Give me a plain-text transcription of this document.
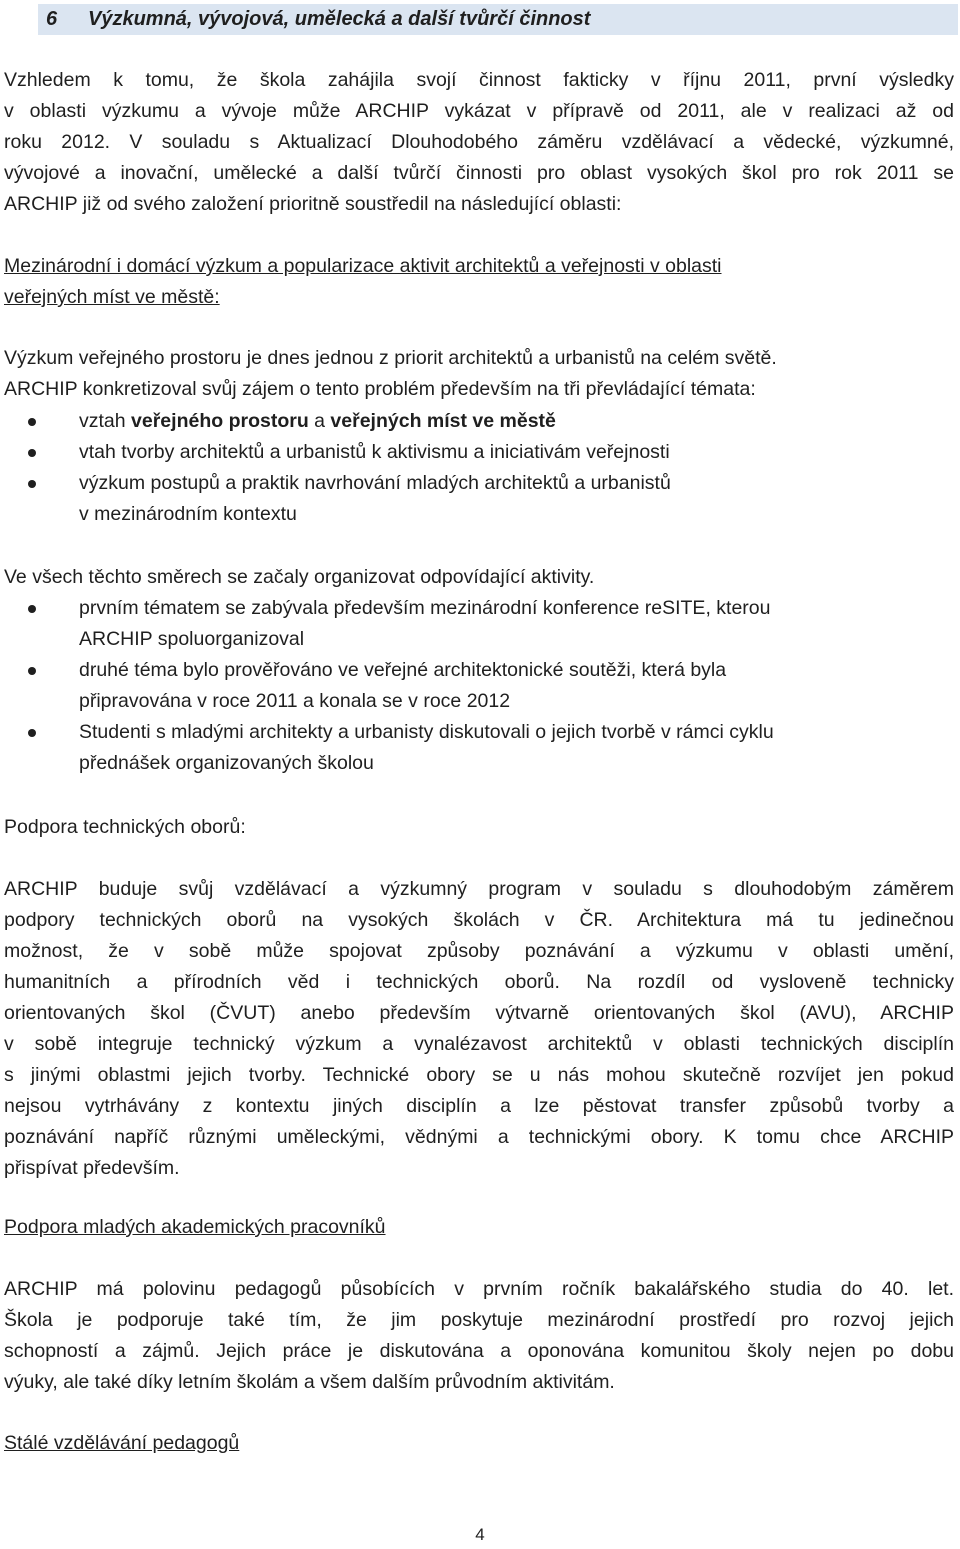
6	Výzkumná, vývojová, umělecká a další tvůrčí činnost
Vzhledem k tomu, že škola zahájila svojí činnost fakticky v říjnu 2011, první výsledky
v oblasti výzkumu a vývoje může ARCHIP vykázat v přípravě od 2011, ale v realizaci až od
roku 2012. V souladu s Aktualizací Dlouhodobého záměru vzdělávací a vědecké, výzkumné,
vývojové a inovační, umělecké a další tvůrčí činnosti pro oblast vysokých škol pro rok 2011 se
ARCHIP již od svého založení prioritně soustředil na následující oblasti:
Mezinárodní i domácí výzkum a popularizace aktivit architektů a veřejnosti v oblasti
veřejných míst ve městě:
Výzkum veřejného prostoru je dnes jednou z priorit architektů a urbanistů na celém světě.
ARCHIP konkretizoval svůj zájem o tento problém především na tři převládající témata:
vztah veřejného prostoru a veřejných míst ve městě
vtah tvorby architektů a urbanistů k aktivismu a iniciativám veřejnosti
výzkum postupů a praktik navrhování mladých architektů a urbanistů
v mezinárodním kontextu
Ve všech těchto směrech se začaly organizovat odpovídající aktivity.
prvním tématem se zabývala především mezinárodní konference reSITE, kterou
ARCHIP spoluorganizoval
druhé téma bylo prověřováno ve veřejné architektonické soutěži, která byla
připravována v roce 2011 a konala se v roce 2012
Studenti s mladými architekty a urbanisty diskutovali o jejich tvorbě v rámci cyklu
přednášek organizovaných školou
Podpora technických oborů:
ARCHIP buduje svůj vzdělávací a výzkumný program v souladu s dlouhodobým záměrem
podpory technických oborů na vysokých školách v ČR. Architektura má tu jedinečnou
možnost, že v sobě může spojovat způsoby poznávání a výzkumu v oblasti umění,
humanitních a přírodních věd i technických oborů. Na rozdíl od vysloveně technicky
orientovaných škol (ČVUT) anebo především výtvarně orientovaných škol (AVU), ARCHIP
v sobě integruje technický výzkum a vynalézavost architektů v oblasti technických disciplín
s jinými oblastmi jejich tvorby. Technické obory se u nás mohou skutečně rozvíjet jen pokud
nejsou vytrhávány z kontextu jiných disciplín a lze pěstovat transfer způsobů tvorby a
poznávání napříč různými uměleckými, vědnými a technickými obory. K tomu chce ARCHIP
přispívat především.
Podpora mladých akademických pracovníků
ARCHIP má polovinu pedagogů působících v prvním ročník bakalářského studia do 40. let.
Škola je podporuje také tím, že jim poskytuje mezinárodní prostředí pro rozvoj jejich
schopností a zájmů. Jejich práce je diskutována a oponována komunitou školy nejen po dobu
výuky, ale také díky letním školám a všem dalším průvodním aktivitám.
Stálé vzdělávání pedagogů
4
